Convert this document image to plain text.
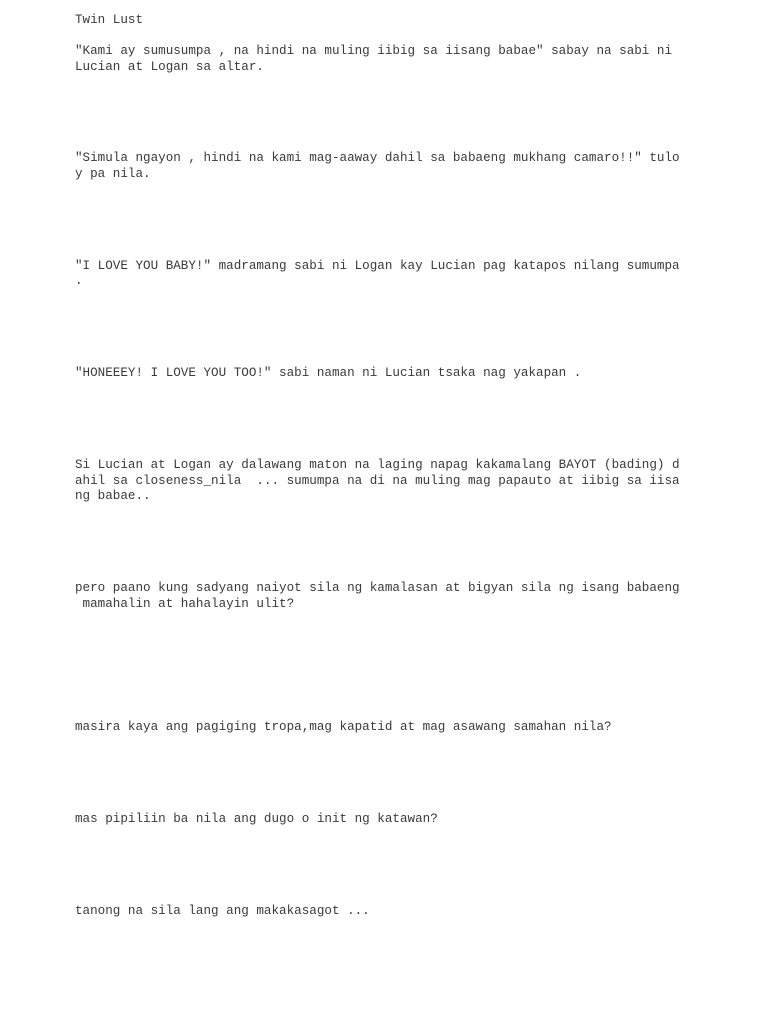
Twin Lust

"Kami ay sumusumpa , na hindi na muling iibig sa iisang babae" sabay na sabi ni

Lucian at Logan sa altar.

"Simula ngayon , hindi na kami mag-aaway dahil sa babaeng mukhang camaro!!" tulo

y pa nila.

"I LOVE YOU BABY!" madramang sabi ni Logan kay Lucian pag katapos nilang sumumpa

.

"HONEEEY! I LOVE YOU TOO!" sabi naman ni Lucian tsaka nag yakapan .

Si Lucian at Logan ay dalawang maton na laging napag kakamalang BAYOT (bading) d

ahil sa closeness_nila  ... sumumpa na di na muling mag papauto at iibig sa iisa

ng babae..

pero paano kung sadyang naiyot sila ng kamalasan at bigyan sila ng isang babaeng

mamahalin at hahalayin ulit?

masira kaya ang pagiging tropa,mag kapatid at mag asawang samahan nila?

mas pipiliin ba nila ang dugo o init ng katawan?

tanong na sila lang ang makakasagot ...
